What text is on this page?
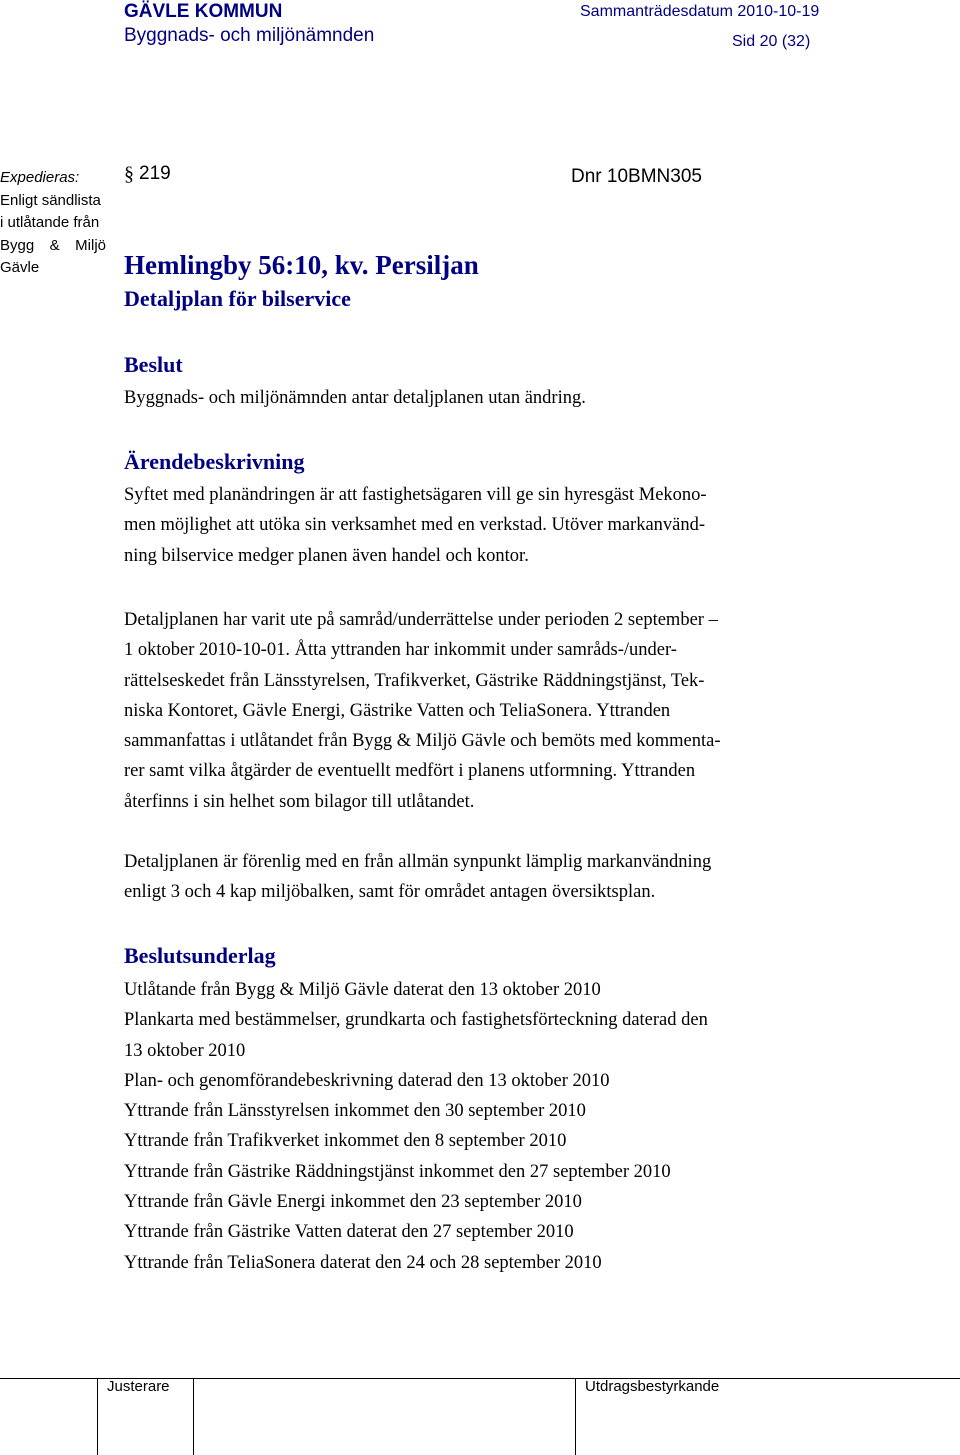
GÄVLE KOMMUN
Byggnads- och miljönämnden
Sammanträdesdatum 2010-10-19
Sid 20 (32)
Expedieras:
Enligt sändlista
i utlåtande från
Bygg & Miljö
Gävle
§ 219	Dnr 10BMN305
Hemlingby 56:10, kv. Persiljan
Detaljplan för bilservice
Beslut
Byggnads- och miljönämnden antar detaljplanen utan ändring.
Ärendebeskrivning
Syftet med planändringen är att fastighetsägaren vill ge sin hyresgäst Mekono-
men möjlighet att utöka sin verksamhet med en verkstad. Utöver markanvänd-
ning bilservice medger planen även handel och kontor.
Detaljplanen har varit ute på samråd/underrättelse under perioden 2 september –
1 oktober 2010-10-01. Åtta yttranden har inkommit under samråds-/under-
rättelseskedet från Länsstyrelsen, Trafikverket, Gästrike Räddningstjänst, Tek-
niska Kontoret, Gävle Energi, Gästrike Vatten och TeliaSonera. Yttranden
sammanfattas i utlåtandet från Bygg & Miljö Gävle och bemöts med kommenta-
rer samt vilka åtgärder de eventuellt medfört i planens utformning. Yttranden
återfinns i sin helhet som bilagor till utlåtandet.
Detaljplanen är förenlig med en från allmän synpunkt lämplig markanvändning
enligt 3 och 4 kap miljöbalken, samt för området antagen översiktsplan.
Beslutsunderlag
Utlåtande från Bygg & Miljö Gävle daterat den 13 oktober 2010
Plankarta med bestämmelser, grundkarta och fastighetsförteckning daterad den
13 oktober 2010
Plan- och genomförandebeskrivning daterad den 13 oktober 2010
Yttrande från Länsstyrelsen inkommet den 30 september 2010
Yttrande från Trafikverket inkommet den 8 september 2010
Yttrande från Gästrike Räddningstjänst inkommet den 27 september 2010
Yttrande från Gävle Energi inkommet den 23 september 2010
Yttrande från Gästrike Vatten daterat den 27 september 2010
Yttrande från TeliaSonera daterat den 24 och 28 september 2010
Justerare	Utdragsbestyrkande
